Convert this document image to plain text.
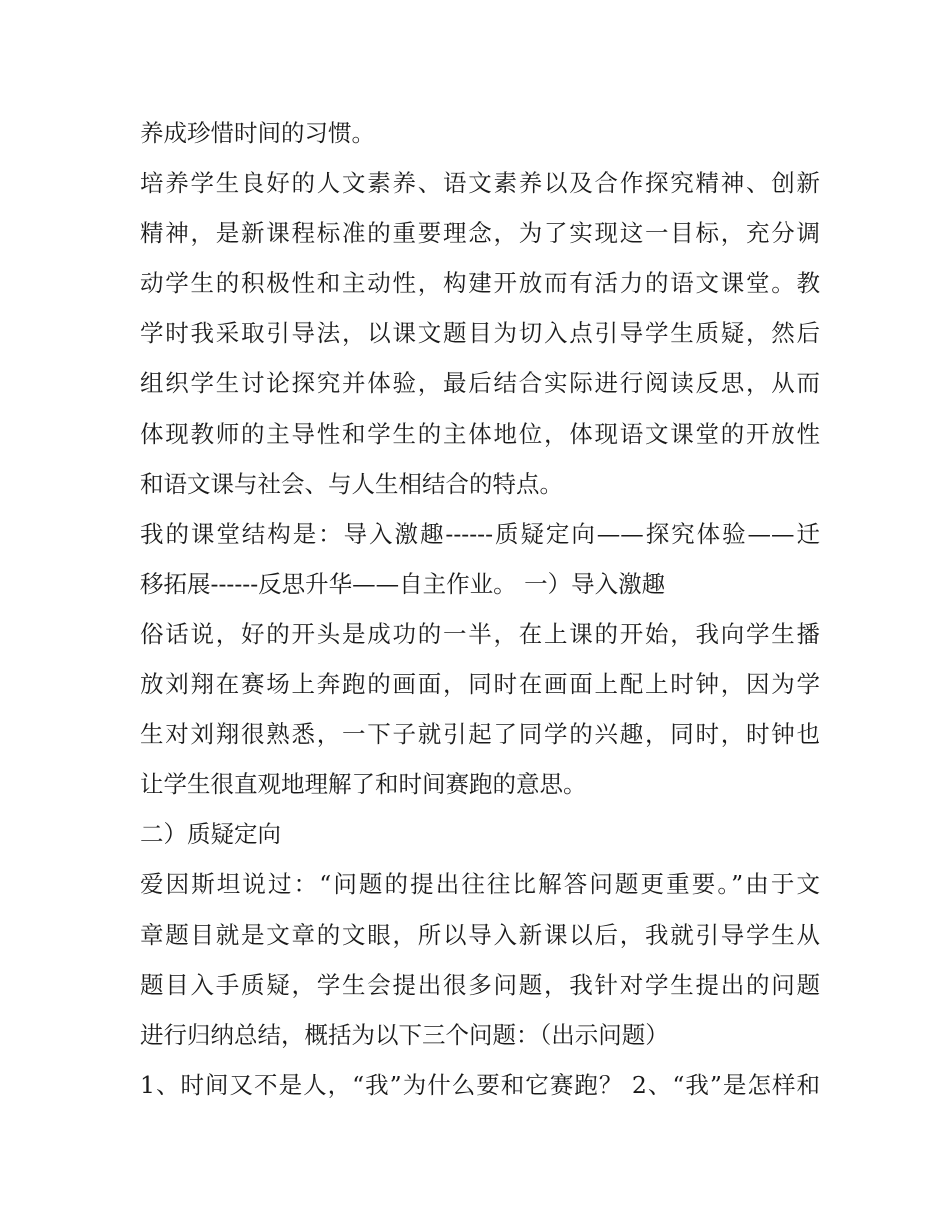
养成珍惜时间的习惯。
培养学生良好的人文素养、语文素养以及合作探究精神、创新
精神，是新课程标准的重要理念，为了实现这一目标，充分调
动学生的积极性和主动性，构建开放而有活力的语文课堂。教
学时我采取引导法，以课文题目为切入点引导学生质疑，然后
组织学生讨论探究并体验，最后结合实际进行阅读反思，从而
体现教师的主导性和学生的主体地位，体现语文课堂的开放性
和语文课与社会、与人生相结合的特点。
我的课堂结构是：导入激趣------质疑定向——探究体验——迁
移拓展------反思升华——自主作业。 一）导入激趣
俗话说，好的开头是成功的一半，在上课的开始，我向学生播
放刘翔在赛场上奔跑的画面，同时在画面上配上时钟，因为学
生对刘翔很熟悉，一下子就引起了同学的兴趣，同时，时钟也
让学生很直观地理解了和时间赛跑的意思。
二）质疑定向
爱因斯坦说过：“问题的提出往往比解答问题更重要。”由于文
章题目就是文章的文眼，所以导入新课以后，我就引导学生从
题目入手质疑，学生会提出很多问题，我针对学生提出的问题
进行归纳总结，概括为以下三个问题：（出示问题）
1、时间又不是人，“我”为什么要和它赛跑？ 2、“我”是怎样和
